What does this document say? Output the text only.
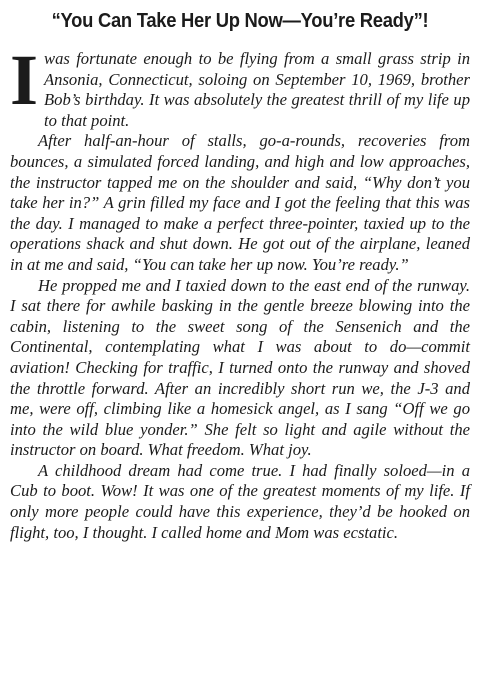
“You Can Take Her Up Now—You’re Ready”!

Iwas fortunate enough to be flying from a small grass strip in Ansonia, Connecticut, soloing on September 10, 1969, brother Bob’s birthday. It was absolutely the greatest thrill of my life up to that point.

After half-an-hour of stalls, go-a-rounds, recoveries from bounces, a simulated forced landing, and high and low approaches, the instructor tapped me on the shoulder and said, “Why don’t you take her in?” A grin filled my face and I got the feeling that this was the day. I managed to make a perfect three-pointer, taxied up to the operations shack and shut down. He got out of the airplane, leaned in at me and said, “You can take her up now. You’re ready.”

He propped me and I taxied down to the east end of the runway. I sat there for awhile basking in the gentle breeze blowing into the cabin, listening to the sweet song of the Sensenich and the Continental, contemplating what I was about to do—commit aviation! Checking for traffic, I turned onto the runway and shoved the throttle forward. After an incredibly short run we, the J-3 and me, were off, climbing like a homesick angel, as I sang “Off we go into the wild blue yonder.” She felt so light and agile without the instructor on board. What freedom. What joy.

A childhood dream had come true. I had finally soloed—in a Cub to boot. Wow! It was one of the greatest moments of my life. If only more people could have this experience, they’d be hooked on flight, too, I thought. I called home and Mom was ecstatic.
